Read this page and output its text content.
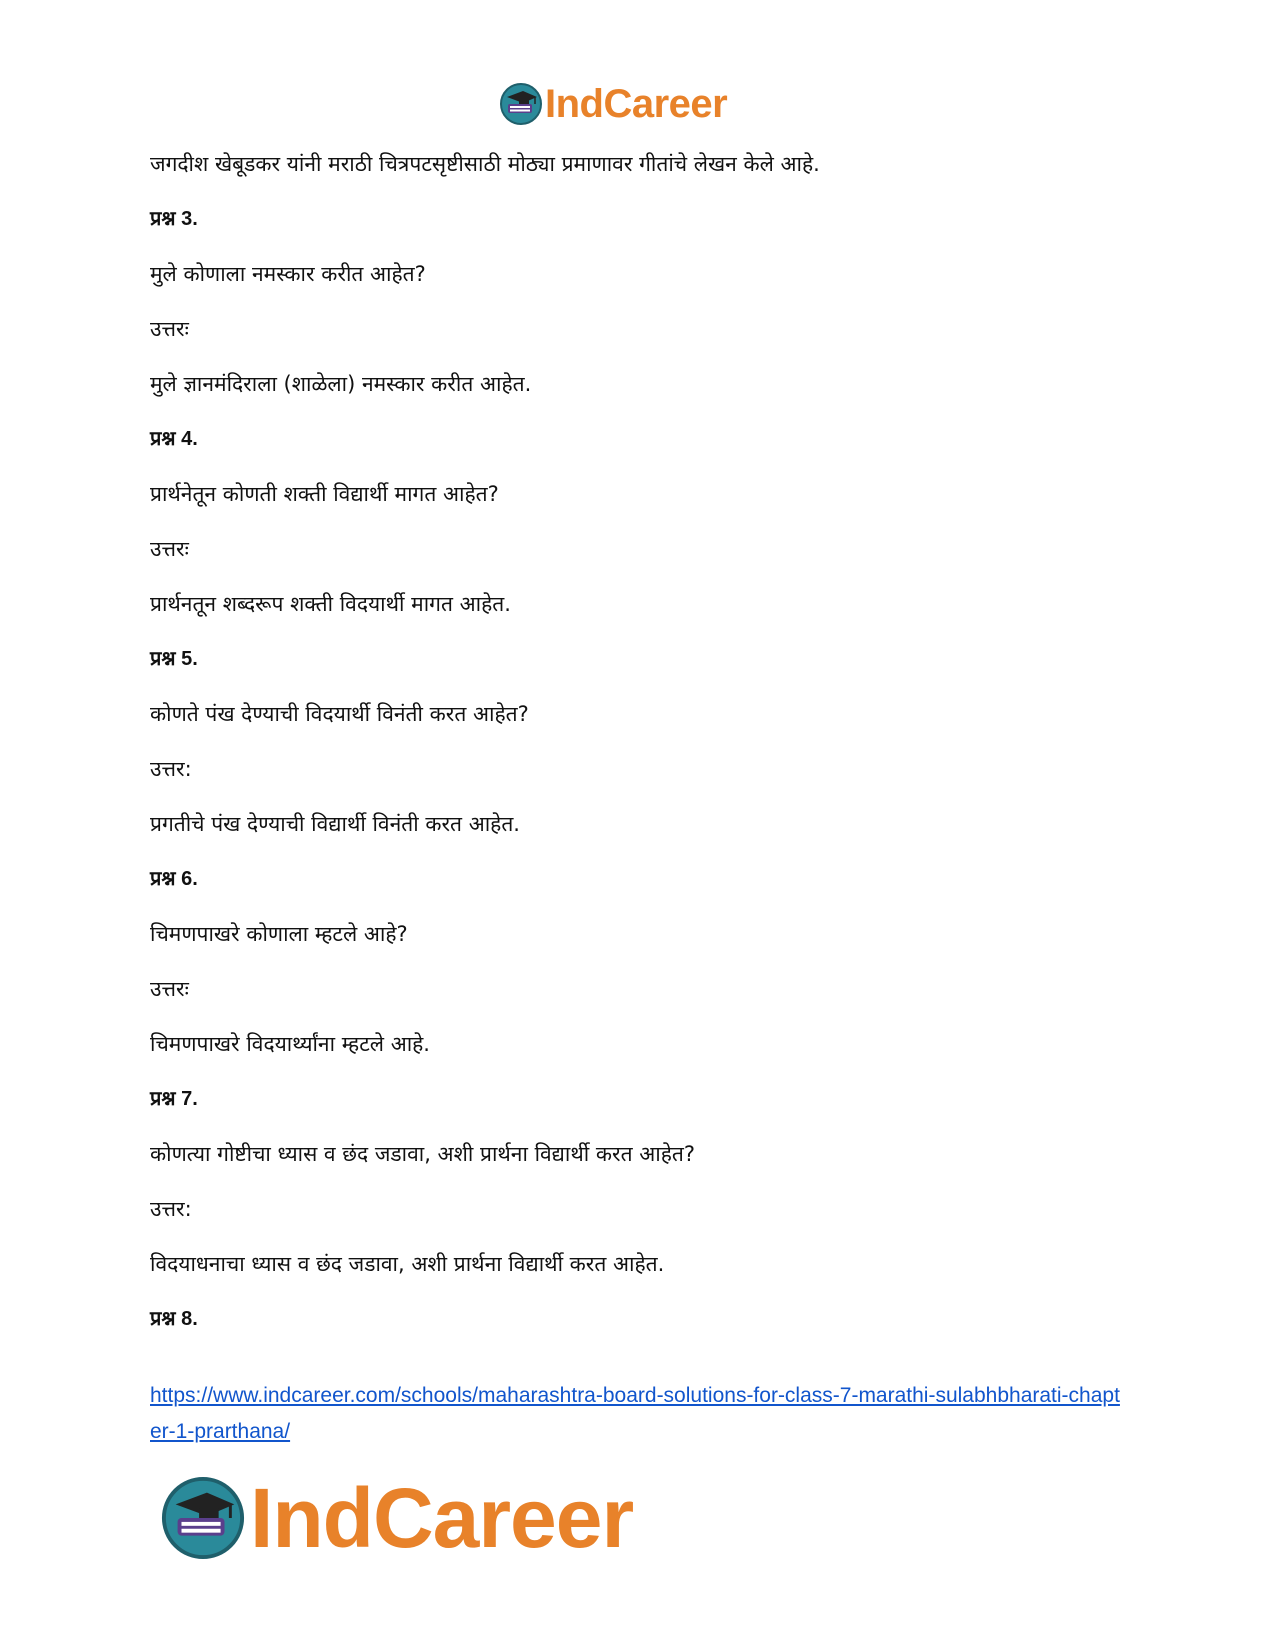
IndCareer
जगदीश खेबूडकर यांनी मराठी चित्रपटसृष्टीसाठी मोठ्या प्रमाणावर गीतांचे लेखन केले आहे.
प्रश्न 3.
मुले कोणाला नमस्कार करीत आहेत?
उत्तरः
मुले ज्ञानमंदिराला (शाळेला) नमस्कार करीत आहेत.
प्रश्न 4.
प्रार्थनेतून कोणती शक्ती विद्यार्थी मागत आहेत?
उत्तरः
प्रार्थनतून शब्दरूप शक्ती विदयार्थी मागत आहेत.
प्रश्न 5.
कोणते पंख देण्याची विदयार्थी विनंती करत आहेत?
उत्तर:
प्रगतीचे पंख देण्याची विद्यार्थी विनंती करत आहेत.
प्रश्न 6.
चिमणपाखरे कोणाला म्हटले आहे?
उत्तरः
चिमणपाखरे विदयार्थ्यांना म्हटले आहे.
प्रश्न 7.
कोणत्या गोष्टीचा ध्यास व छंद जडावा, अशी प्रार्थना विद्यार्थी करत आहेत?
उत्तर:
विदयाधनाचा ध्यास व छंद जडावा, अशी प्रार्थना विद्यार्थी करत आहेत.
प्रश्न 8.
https://www.indcareer.com/schools/maharashtra-board-solutions-for-class-7-marathi-sulabhbharati-chapter-1-prarthana/
IndCareer
